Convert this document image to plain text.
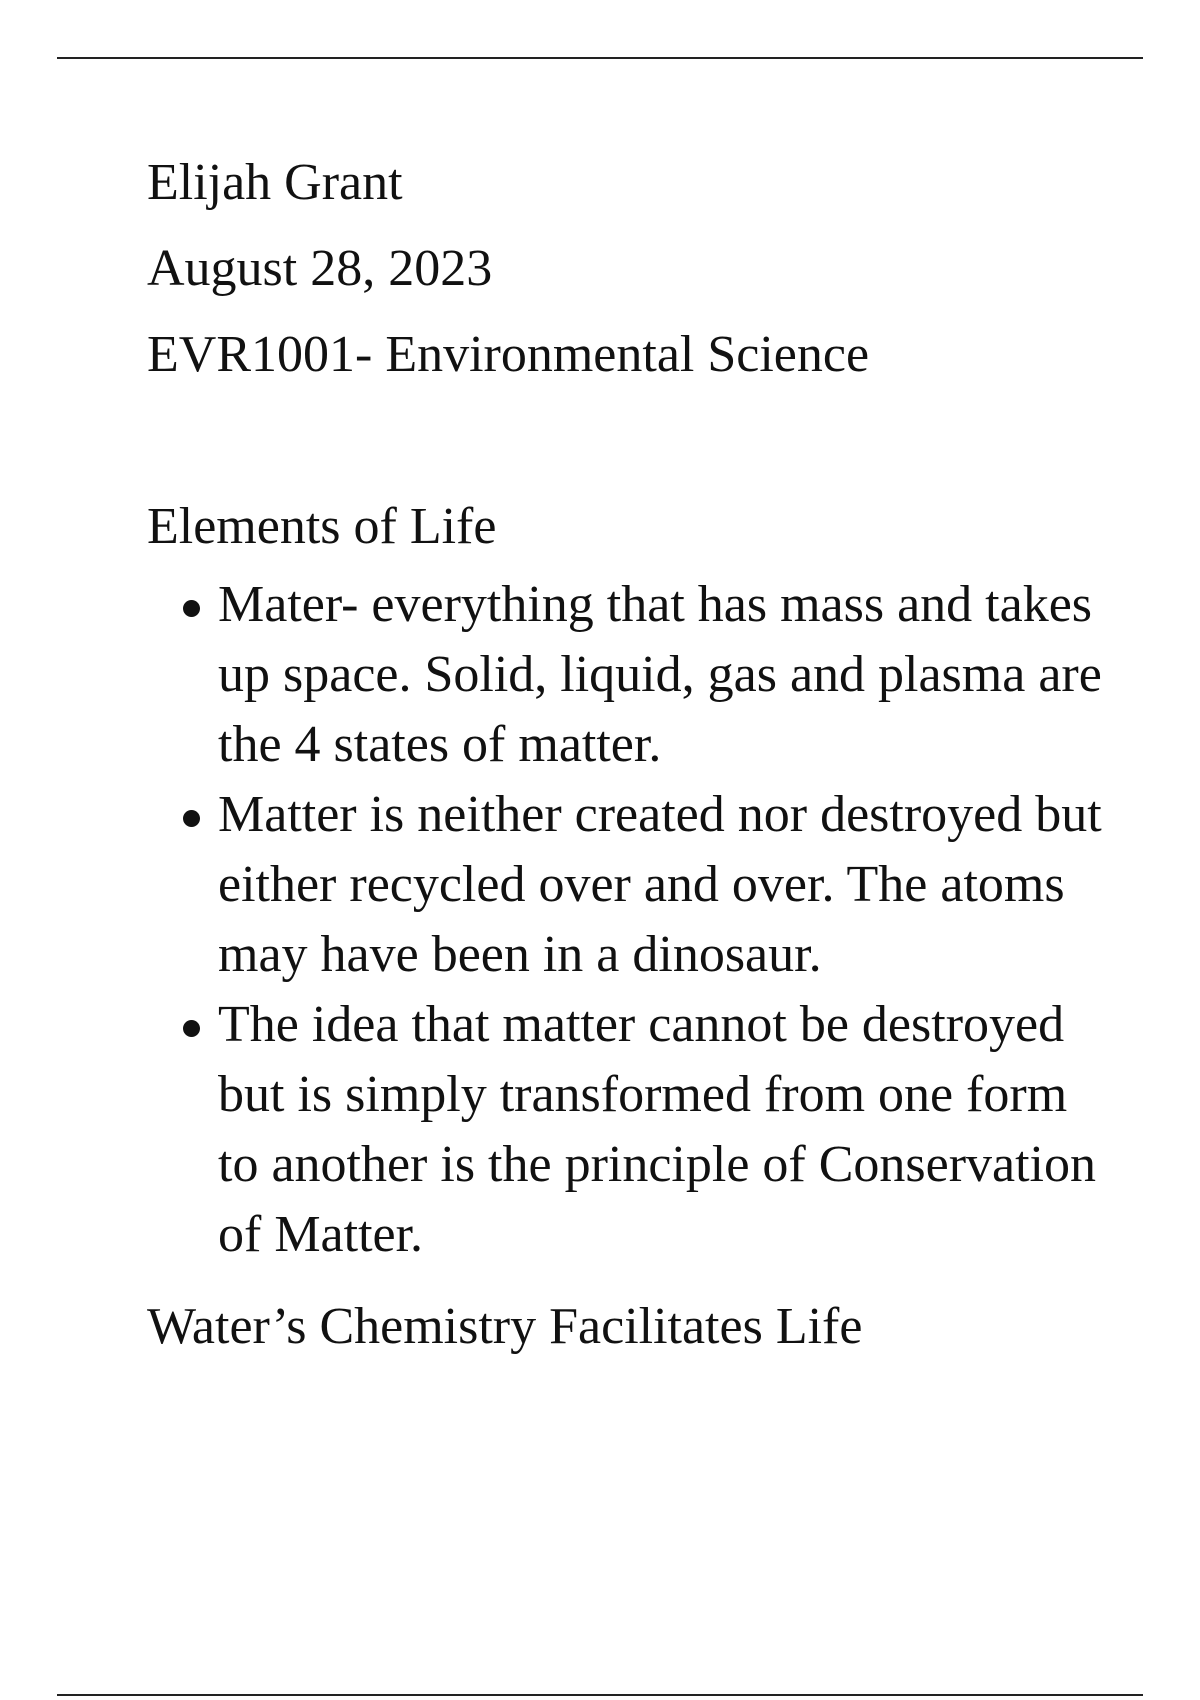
Elijah Grant
August 28, 2023
EVR1001- Environmental Science
Elements of Life
Mater- everything that has mass and takes up space. Solid, liquid, gas and plasma are the 4 states of matter.
Matter is neither created nor destroyed but either recycled over and over. The atoms may have been in a dinosaur.
The idea that matter cannot be destroyed but is simply transformed from one form to another is the principle of Conservation of Matter.
Water’s Chemistry Facilitates Life
